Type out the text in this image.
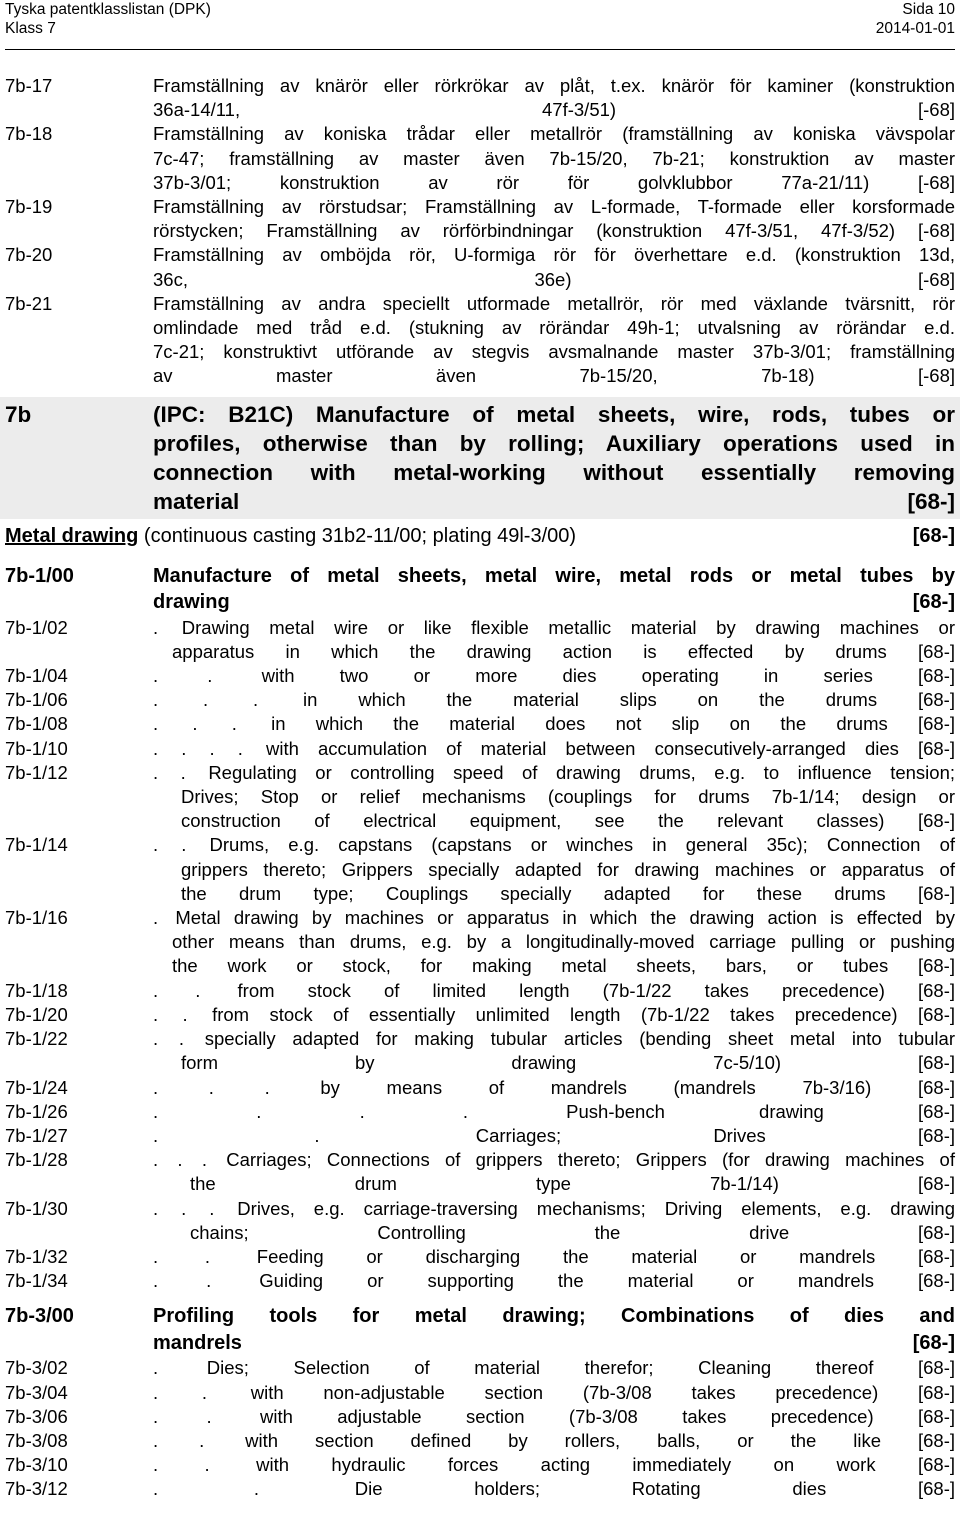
Tyska patentklasslistan (DPK)	Sida 10
Klass 7	2014-01-01
7b-17	Framställning av knärör eller rörkrökar av plåt, t.ex. knärör för kaminer (konstruktion
36a-14/11, 47f-3/51) [-68]
7b-18	Framställning av koniska trådar eller metallrör (framställning av koniska vävspolar
7c-47; framställning av master även 7b-15/20, 7b-21; konstruktion av master
37b-3/01; konstruktion av rör för golvklubbor 77a-21/11) [-68]
7b-19	Framställning av rörstudsar; Framställning av L-formade, T-formade eller korsformade
rörstycken; Framställning av rörförbindningar (konstruktion 47f-3/51, 47f-3/52) [-68]
7b-20	Framställning av omböjda rör, U-formiga rör för överhettare e.d. (konstruktion 13d,
36c, 36e) [-68]
7b-21	Framställning av andra speciellt utformade metallrör, rör med växlande tvärsnitt, rör
omlindade med tråd e.d. (stukning av rörändar 49h-1; utvalsning av rörändar e.d.
7c-21; konstruktivt utförande av stegvis avsmalnande master 37b-3/01; framställning
av master även 7b-15/20, 7b-18) [-68]
7b	(IPC: B21C) Manufacture of metal sheets, wire, rods, tubes or
profiles, otherwise than by rolling; Auxiliary operations used in
connection with metal-working without essentially removing
material [68-]
Metal drawing (continuous casting 31b2-11/00; plating 49l-3/00)	[68-]
7b-1/00	Manufacture of metal sheets, metal wire, metal rods or metal tubes by
drawing [68-]
7b-1/02	. Drawing metal wire or like flexible metallic material by drawing machines or
apparatus in which the drawing action is effected by drums [68-]
7b-1/04	. . with two or more dies operating in series [68-]
7b-1/06	. . . in which the material slips on the drums [68-]
7b-1/08	. . . in which the material does not slip on the drums [68-]
7b-1/10	. . . . with accumulation of material between consecutively-arranged dies [68-]
7b-1/12	. . Regulating or controlling speed of drawing drums, e.g. to influence tension;
Drives; Stop or relief mechanisms (couplings for drums 7b-1/14; design or
construction of electrical equipment, see the relevant classes) [68-]
7b-1/14	. . Drums, e.g. capstans (capstans or winches in general 35c); Connection of
grippers thereto; Grippers specially adapted for drawing machines or apparatus of
the drum type; Couplings specially adapted for these drums [68-]
7b-1/16	. Metal drawing by machines or apparatus in which the drawing action is effected by
other means than drums, e.g. by a longitudinally-moved carriage pulling or pushing
the work or stock, for making metal sheets, bars, or tubes [68-]
7b-1/18	. . from stock of limited length (7b-1/22 takes precedence) [68-]
7b-1/20	. . from stock of essentially unlimited length (7b-1/22 takes precedence) [68-]
7b-1/22	. . specially adapted for making tubular articles (bending sheet metal into tubular
form by drawing 7c-5/10) [68-]
7b-1/24	. . . by means of mandrels (mandrels 7b-3/16) [68-]
7b-1/26	. . . . Push-bench drawing [68-]
7b-1/27	. . Carriages; Drives [68-]
7b-1/28	. . . Carriages; Connections of grippers thereto; Grippers (for drawing machines of
the drum type 7b-1/14) [68-]
7b-1/30	. . . Drives, e.g. carriage-traversing mechanisms; Driving elements, e.g. drawing
chains; Controlling the drive [68-]
7b-1/32	. . Feeding or discharging the material or mandrels [68-]
7b-1/34	. . Guiding or supporting the material or mandrels [68-]
7b-3/00	Profiling tools for metal drawing; Combinations of dies and
mandrels [68-]
7b-3/02	. Dies; Selection of material therefor; Cleaning thereof [68-]
7b-3/04	. . with non-adjustable section (7b-3/08 takes precedence) [68-]
7b-3/06	. . with adjustable section (7b-3/08 takes precedence) [68-]
7b-3/08	. . with section defined by rollers, balls, or the like [68-]
7b-3/10	. . with hydraulic forces acting immediately on work [68-]
7b-3/12	. . Die holders; Rotating dies [68-]
